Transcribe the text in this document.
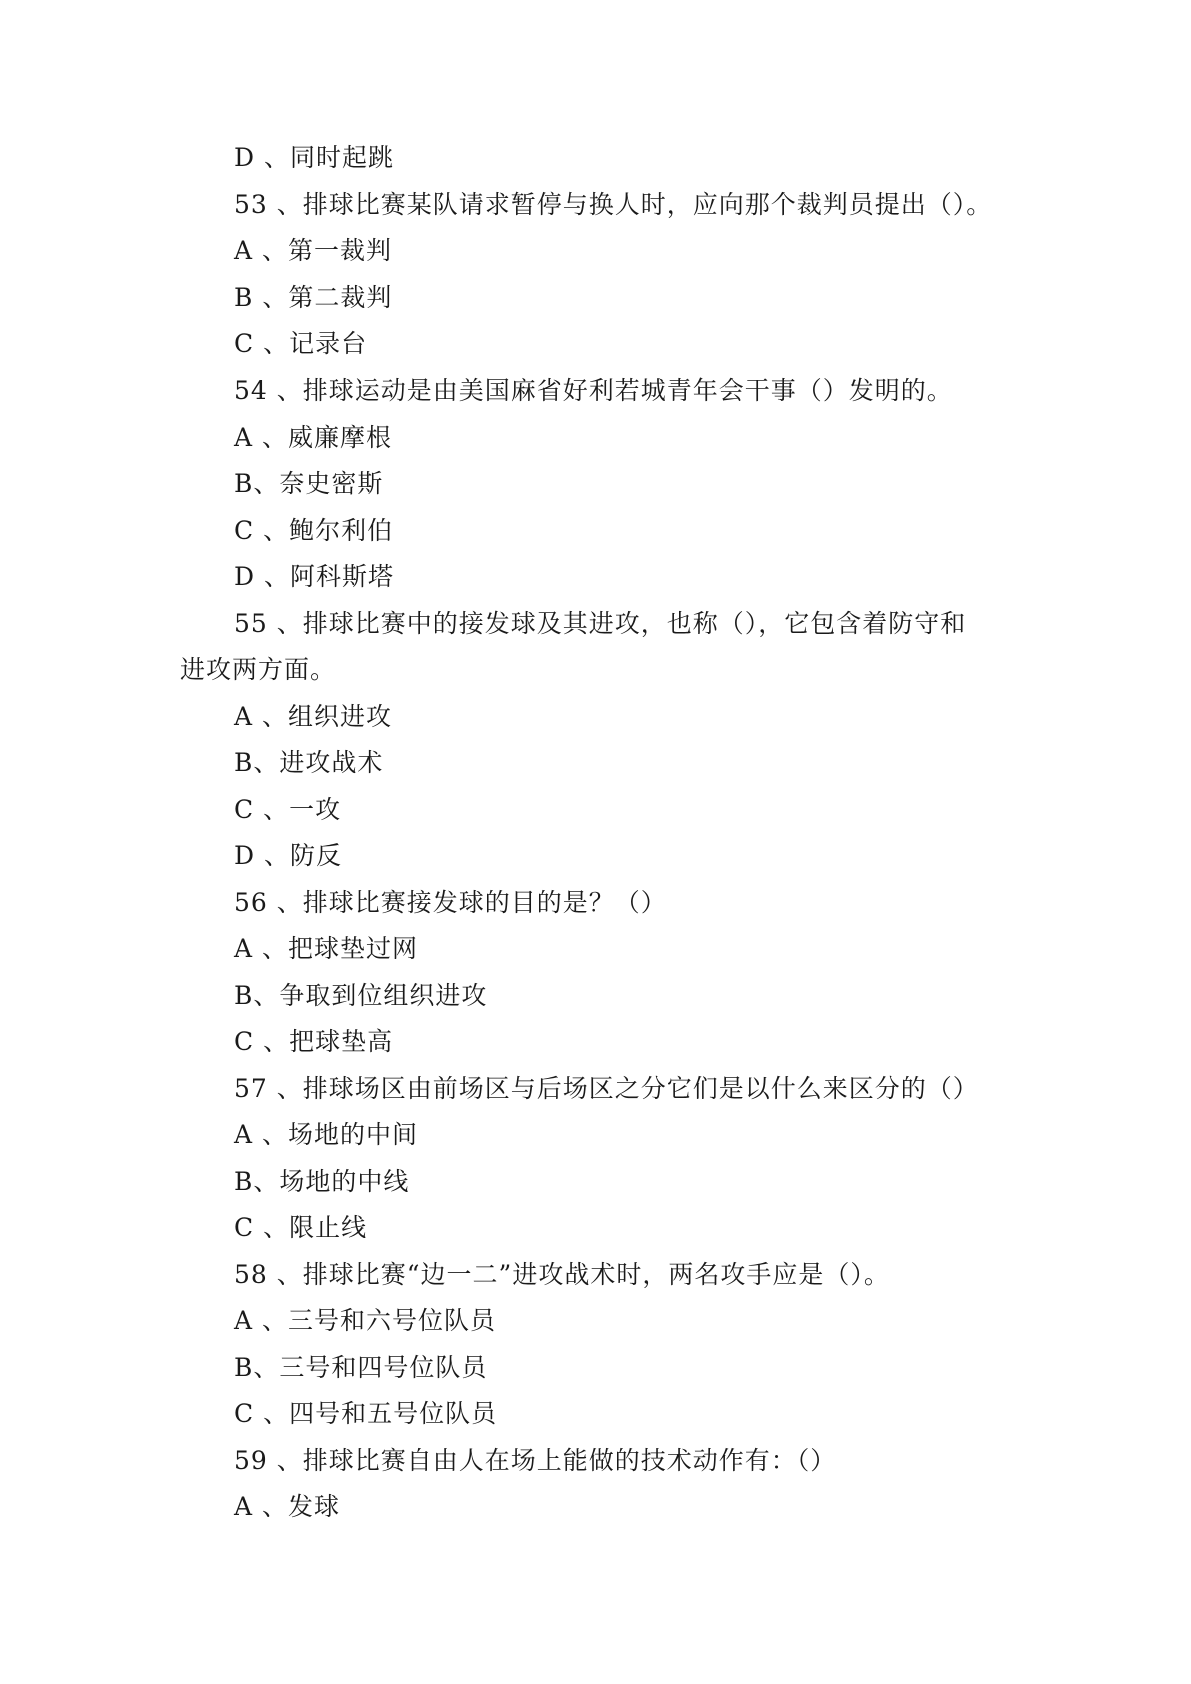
D 、同时起跳
53 、排球比赛某队请求暂停与换人时，应向那个裁判员提出（）。
A 、第一裁判
B 、第二裁判
C 、记录台
54 、排球运动是由美国麻省好利若城青年会干事（）发明的。
A 、威廉摩根
B、奈史密斯
C 、鲍尔利伯
D 、阿科斯塔
55 、排球比赛中的接发球及其进攻，也称（），它包含着防守和
进攻两方面。
A 、组织进攻
B、进攻战术
C 、一攻
D 、防反
56 、排球比赛接发球的目的是？（）
A 、把球垫过网
B、争取到位组织进攻
C 、把球垫高
57 、排球场区由前场区与后场区之分它们是以什么来区分的（）
A 、场地的中间
B、场地的中线
C 、限止线
58 、排球比赛“边一二”进攻战术时，两名攻手应是（）。
A 、三号和六号位队员
B、三号和四号位队员
C 、四号和五号位队员
59 、排球比赛自由人在场上能做的技术动作有：（）
A 、发球
